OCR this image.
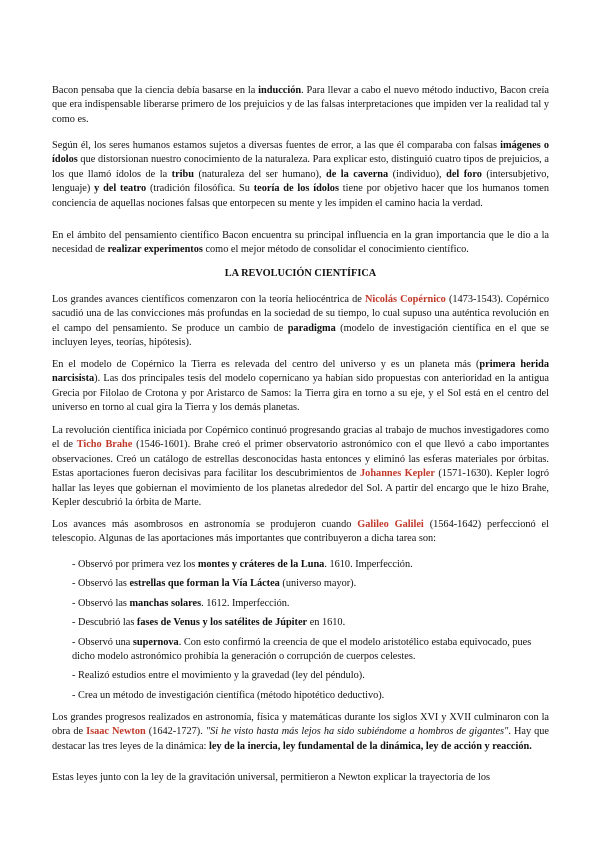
Bacon pensaba que la ciencia debía basarse en la inducción. Para llevar a cabo el nuevo método inductivo, Bacon creía que era indispensable liberarse primero de los prejuicios y de las falsas interpretaciones que impiden ver la realidad tal y como es.

Según él, los seres humanos estamos sujetos a diversas fuentes de error, a las que él comparaba con falsas imágenes o ídolos que distorsionan nuestro conocimiento de la naturaleza. Para explicar esto, distinguió cuatro tipos de prejuicios, a los que llamó ídolos de la tribu (naturaleza del ser humano), de la caverna (individuo), del foro (intersubjetivo, lenguaje) y del teatro (tradición filosófica. Su teoría de los ídolos tiene por objetivo hacer que los humanos tomen conciencia de aquellas nociones falsas que entorpecen su mente y les impiden el camino hacia la verdad.

En el ámbito del pensamiento científico Bacon encuentra su principal influencia en la gran importancia que le dio a la necesidad de realizar experimentos como el mejor método de consolidar el conocimiento científico.

LA REVOLUCIÓN CIENTÍFICA

Los grandes avances científicos comenzaron con la teoría heliocéntrica de Nicolás Copérnico (1473-1543). Copérnico sacudió una de las convicciones más profundas en la sociedad de su tiempo, lo cual supuso una auténtica revolución en el campo del pensamiento. Se produce un cambio de paradigma (modelo de investigación científica en el que se incluyen leyes, teorías, hipótesis).

En el modelo de Copérnico la Tierra es relevada del centro del universo y es un planeta más (primera herida narcisista). Las dos principales tesis del modelo copernicano ya habían sido propuestas con anterioridad en la antigua Grecia por Filolao de Crotona y por Aristarco de Samos: la Tierra gira en torno a su eje, y el Sol está en el centro del universo en torno al cual gira la Tierra y los demás planetas.

La revolución científica iniciada por Copérnico continuó progresando gracias al trabajo de muchos investigadores como el de Ticho Brahe (1546-1601). Brahe creó el primer observatorio astronómico con el que llevó a cabo importantes observaciones. Creó un catálogo de estrellas desconocidas hasta entonces y eliminó las esferas materiales por órbitas. Estas aportaciones fueron decisivas para facilitar los descubrimientos de Johannes Kepler (1571-1630). Kepler logró hallar las leyes que gobiernan el movimiento de los planetas alrededor del Sol. A partir del encargo que le hizo Brahe, Kepler descubrió la órbita de Marte.

Los avances más asombrosos en astronomía se produjeron cuando Galileo Galilei (1564-1642) perfeccionó el telescopio. Algunas de las aportaciones más importantes que contribuyeron a dicha tarea son:

- Observó por primera vez los montes y cráteres de la Luna. 1610. Imperfección.
- Observó las estrellas que forman la Vía Láctea (universo mayor).
- Observó las manchas solares. 1612. Imperfección.
- Descubrió las fases de Venus y los satélites de Júpiter en 1610.
- Observó una supernova. Con esto confirmó la creencia de que el modelo aristotélico estaba equivocado, pues dicho modelo astronómico prohibía la generación o corrupción de cuerpos celestes.
- Realizó estudios entre el movimiento y la gravedad (ley del péndulo).
- Crea un método de investigación científica (método hipotético deductivo).

Los grandes progresos realizados en astronomía, física y matemáticas durante los siglos XVI y XVII culminaron con la obra de Isaac Newton (1642-1727). "Si he visto hasta más lejos ha sido subiéndome a hombros de gigantes". Hay que destacar las tres leyes de la dinámica: ley de la inercia, ley fundamental de la dinámica, ley de acción y reacción.

Estas leyes junto con la ley de la gravitación universal, permitieron a Newton explicar la trayectoria de los
